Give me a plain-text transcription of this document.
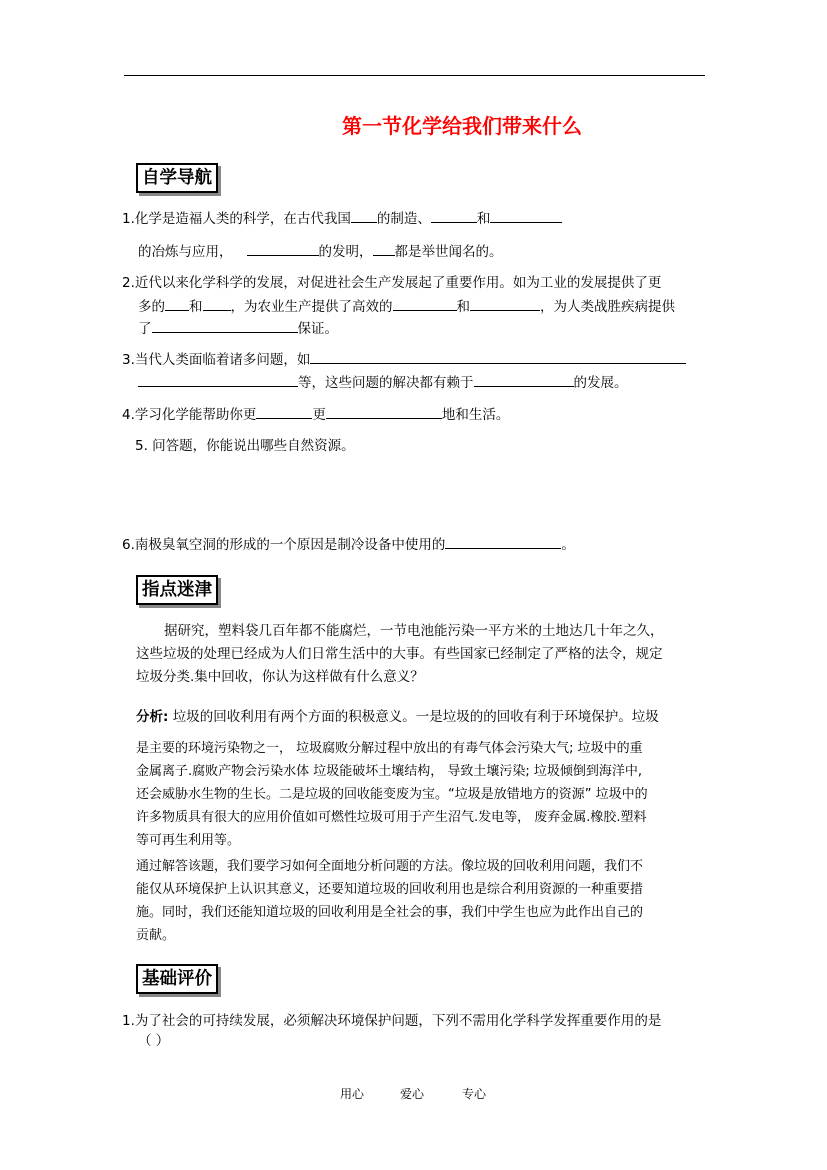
第一节化学给我们带来什么
自学导航
1.化学是造福人类的科学，在古代我国 的制造、	和
的冶炼与应用，	的发明， 都是举世闻名的。
2.近代以来化学科学的发展，对促进社会生产发展起了重要作用。如为工业的发展提供了更
多的 和 ，为农业生产提供了高效的	和	，为人类战胜疾病提供
了	保证。
3.当代人类面临着诸多问题，如
等，这些问题的解决都有赖于	的发展。
4.学习化学能帮助你更	更	地和生活。
5. 问答题，你能说出哪些自然资源。
6.南极臭氧空洞的形成的一个原因是制冷设备中使用的	。
指点迷津
据研究，塑料袋几百年都不能腐烂，一节电池能污染一平方米的土地达几十年之久，
这些垃圾的处理已经成为人们日常生活中的大事。有些国家已经制定了严格的法令，规定
垃圾分类.集中回收，你认为这样做有什么意义？
分析: 垃圾的回收利用有两个方面的积极意义。一是垃圾的的回收有利于环境保护。垃圾
是主要的环境污染物之一， 垃圾腐败分解过程中放出的有毒气体会污染大气; 垃圾中的重
金属离子.腐败产物会污染水体 垃圾能破坏土壤结构， 导致土壤污染; 垃圾倾倒到海洋中,
还会威胁水生物的生长。二是垃圾的回收能变废为宝。“垃圾是放错地方的资源” 垃圾中的
许多物质具有很大的应用价值如可燃性垃圾可用于产生沼气.发电等， 废弃金属.橡胶.塑料
等可再生利用等。
通过解答该题，我们要学习如何全面地分析问题的方法。像垃圾的回收利用问题，我们不
能仅从环境保护上认识其意义，还要知道垃圾的回收利用也是综合利用资源的一种重要措
施。同时，我们还能知道垃圾的回收利用是全社会的事，我们中学生也应为此作出自己的
贡献。
基础评价
1.为了社会的可持续发展，必须解决环境保护问题，下列不需用化学科学发挥重要作用的是
（ ）
用心	爱心	专心
